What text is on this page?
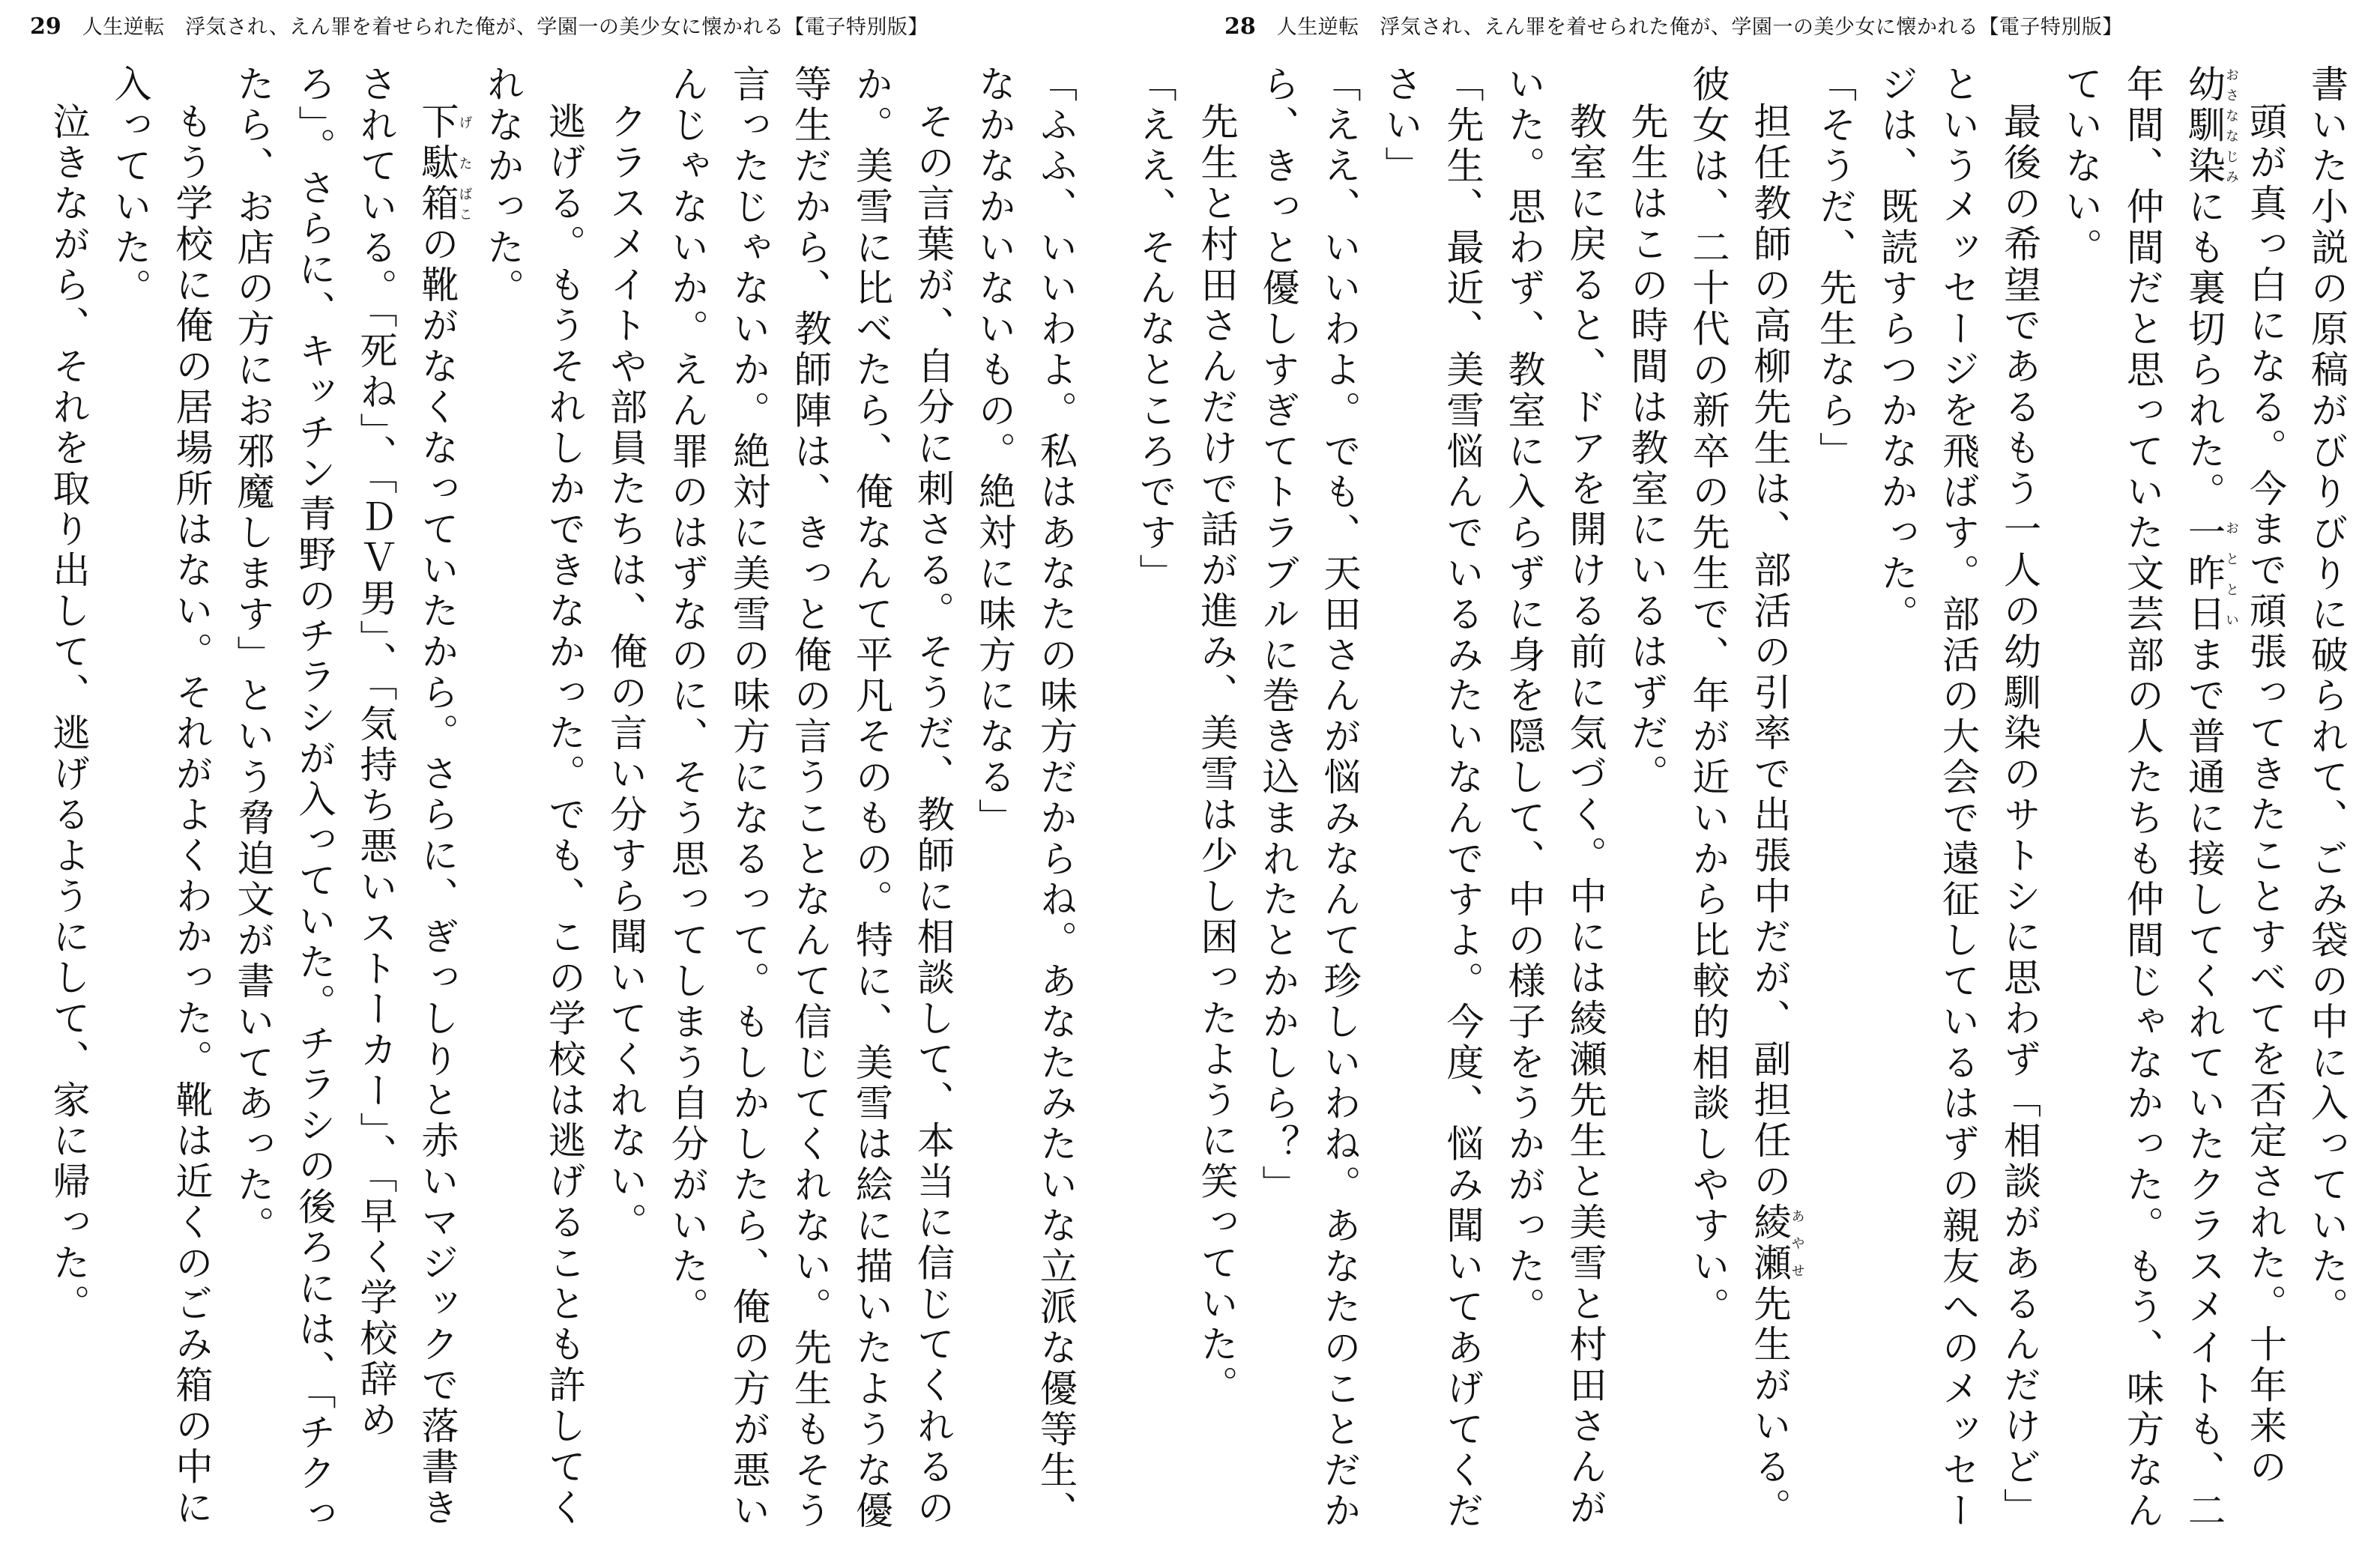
29 人生逆転　浮気され、えん罪を着せられた俺が、学園一の美少女に懐かれる【電子特別版】

「ふふ、いいわよ。私はあなたの味方だからね。あなたみたいな立派な優等生、なかなかいないもの。絶対に味方になる」

その言葉が、自分に刺さる。そうだ、教師に相談して、本当に信じてくれるのか。美雪に比べたら、俺なんて平凡そのもの。特に、美雪は絵に描いたような優等生だから、教師陣は、きっと俺の言うことなんて信じてくれない。先生もそう言ったじゃないか。絶対に美雪の味方になるって。もしかしたら、俺の方が悪いんじゃないか。えん罪のはずなのに、そう思ってしまう自分がいた。

クラスメイトや部員たちは、俺の言い分すら聞いてくれない。

逃げる。もうそれしかできなかった。でも、この学校は逃げることも許してくれなかった。

下駄げた箱ばこの靴がなくなっていたから。さらに、ぎっしりと赤いマジックで落書きされている。「死ね」、「ＤＶ男」、「気持ち悪いストーカー」、「早く学校辞めろ」。さらに、キッチン青野のチラシが入っていた。チラシの後ろには、「チクったら、お店の方にお邪魔します」という脅迫文が書いてあった。

もう学校に俺の居場所はない。それがよくわかった。靴は近くのごみ箱の中に入っていた。

泣きながら、それを取り出して、逃げるようにして、家に帰った。

28 人生逆転　浮気され、えん罪を着せられた俺が、学園一の美少女に懐かれる【電子特別版】

書いた小説の原稿がびりびりに破られて、ごみ袋の中に入っていた。

頭が真っ白になる。今まで頑張ってきたことすべてを否定された。十年来の幼馴染おさななじみにも裏切られた。一昨日おとといまで普通に接してくれていたクラスメイトも、二年間、仲間だと思っていた文芸部の人たちも仲間じゃなかった。もう、味方なんていない。

最後の希望であるもう一人の幼馴染のサトシに思わず「相談があるんだけど」というメッセージを飛ばす。部活の大会で遠征しているはずの親友へのメッセージは、既読すらつかなかった。

「そうだ、先生なら」

担任教師の高柳先生は、部活の引率で出張中だが、副担任の綾瀬あやせ先生がいる。彼女は、二十代の新卒の先生で、年が近いから比較的相談しやすい。

先生はこの時間は教室にいるはずだ。

教室に戻ると、ドアを開ける前に気づく。中には綾瀬先生と美雪と村田さんがいた。思わず、教室に入らずに身を隠して、中の様子をうかがった。

「先生、最近、美雪悩んでいるみたいなんですよ。今度、悩み聞いてあげてください」

「ええ、いいわよ。でも、天田さんが悩みなんて珍しいわね。あなたのことだから、きっと優しすぎてトラブルに巻き込まれたとかかしら？」

先生と村田さんだけで話が進み、美雪は少し困ったように笑っていた。

「ええ、そんなところです」
